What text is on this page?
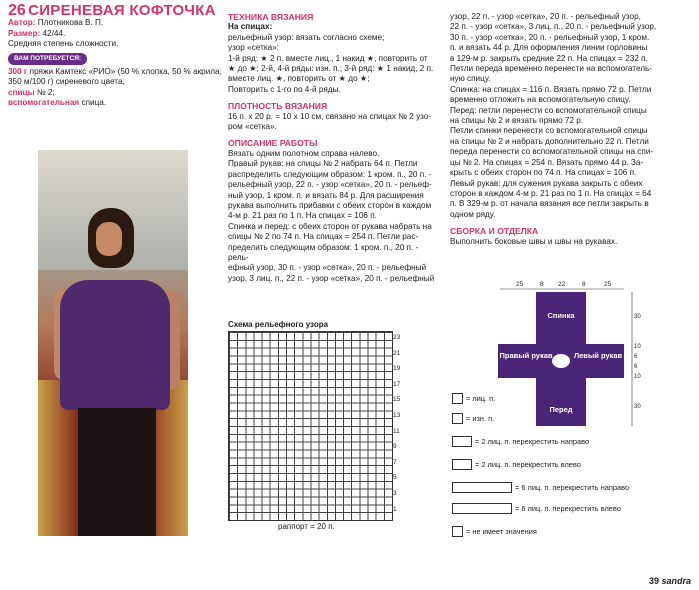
26 СИРЕНЕВАЯ КОФТОЧКА
Автор: Плотникова В. П.
Размер: 42/44.
Средняя степень сложности.
ВАМ ПОТРЕБУЕТСЯ:
300 г пряжи Камтекс «РИО» (50 % хлопка, 50 % акрила; 350 м/100 г) сиреневого цвета;
спицы № 2;
вспомогательная спица.
ТЕХНИКА ВЯЗАНИЯ
На спицах:
рельефный узор: вязать согласно схеме;
узор «сетка»:
1-й ряд: ★ 2 п. вместе лиц., 1 накид ★, повторить от
★ до ★; 2-й, 4-й ряды: изн. п.; 3-й ряд: ★ 1 накид, 2 п.
вместе лиц. ★, повторить от ★ до ★;
Повторить с 1-го по 4-й ряды.
ПЛОТНОСТЬ ВЯЗАНИЯ
16 п. x 20 р. = 10 x 10 см, связано на спицах № 2 узо-
ром «сетка».
ОПИСАНИЕ РАБОТЫ
Вязать одним полотном справа налево.
Правый рукав: на спицы № 2 набрать 64 п. Петли
распределить следующим образом: 1 кром. п., 20 п. -
рельефный узор, 22 п. - узор «сетка», 20 п. - рельеф-
ный узор, 1 кром. п. и вязать 84 р. Для расширения
рукава выполнить прибавки с обеих сторон в каждом
4-м р. 21 раз по 1 п. На спицах = 106 п.
Спинка и перед: с обеих сторон от рукава набрать на
спицы № 2 по 74 п. На спицах = 254 п. Петли рас-
пределить следующим образом: 1 кром. п., 20 п. - рель-
ефный узор, 30 п. - узор «сетка», 20 п. - рельефный
узор, 3 лиц. п., 22 п. - узор «сетка», 20 п. - рельефный
Схема рельефного узора
23
21
19
17
15
13
11
9
7
5
3
1
раппорт = 20 п.
узор, 22 п. - узор «сетка», 20 п. - рельефный узор,
22 п. - узор «сетка», 3 лиц. п., 20 п. - рельефный узор,
30 п. - узор «сетка», 20 п. - рельефный узор, 1 кром.
п. и вязать 44 р. Для оформления линии горловины
в 129-м р. закрыть средние 22 п. На спицах = 232 п.
Петли переда временно перенести на вспомогатель-
ную спицу.
Спинка: на спицах = 116 п. Вязать прямо 72 р. Петли
временно отложить на вспомогательную спицу.
Перед: петли перенести со вспомогательной спицы
на спицы № 2 и вязать прямо 72 р.
Петли спинки перенести со вспомогательной спицы
на спицы № 2 и набрать дополнительно 22 п. Петли
переда перенести со вспомогательной спицы на спи-
цы № 2. На спицах = 254 п. Вязать прямо 44 р. За-
крыть с обеих сторон по 74 п. На спицах = 106 п.
Левый рукав: для сужения рукава закрыть с обеих
сторон в каждом 4-м р. 21 раз по 1 п. На спицах = 64
п. В 329-м р. от начала вязания все петли закрыть в
одном ряду.
СБОРКА И ОТДЕЛКА
Выполнить боковые швы и швы на рукавах.
25	8 22	8	25
Спинка
Правый рукав	Левый рукав
Перед
30
10
6
6
10
30
= лиц. п.
= изн. п.
= 2 лиц. п. перекрестить направо
= 2 лиц. п. перекрестить влево
= 6 лиц. п. перекрестить направо
= 6 лиц. п. перекрестить влево
= не имеет значения
39 sandra
